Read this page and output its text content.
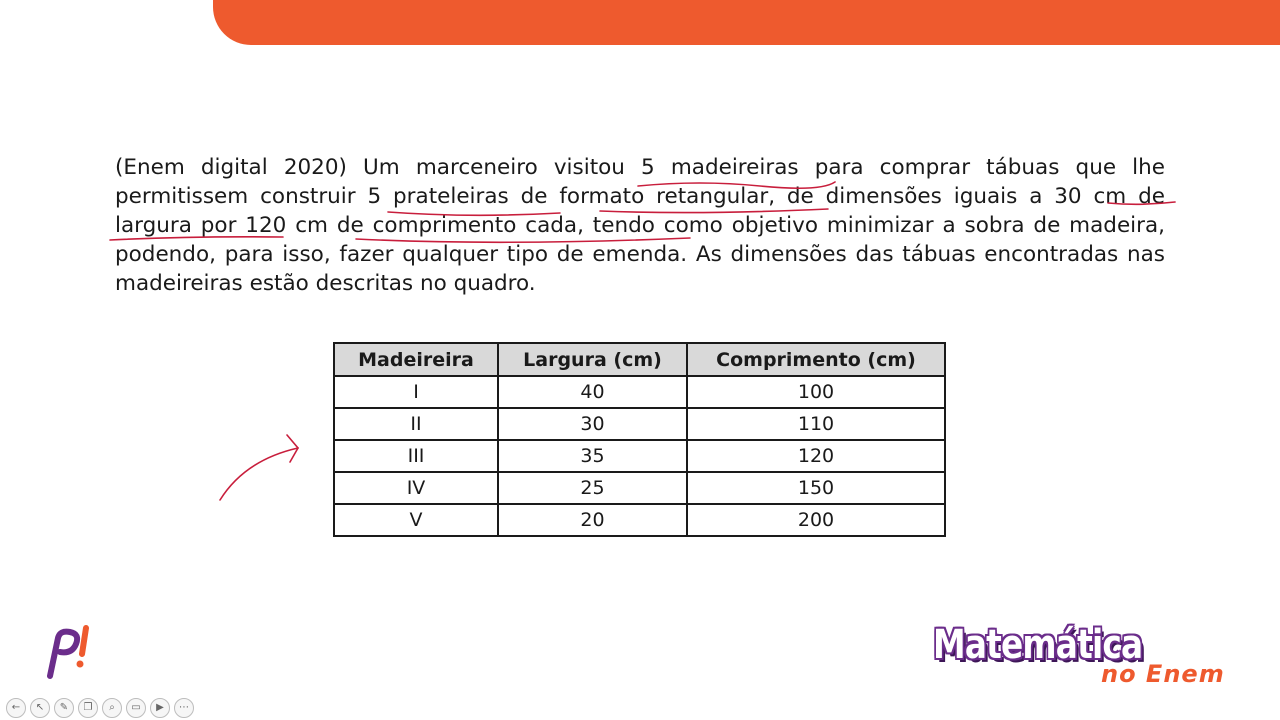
(Enem digital 2020) Um marceneiro visitou 5 madeireiras para comprar tábuas que lhe permitissem construir 5 prateleiras de formato retangular, de dimensões iguais a 30 cm de largura por 120 cm de comprimento cada, tendo como objetivo minimizar a sobra de madeira, podendo, para isso, fazer qualquer tipo de emenda. As dimensões das tábuas encontradas nas madeireiras estão descritas no quadro.

Madeireira	Largura (cm)	Comprimento (cm)
I	40	100
II	30	110
III	35	120
IV	25	150
V	20	200
Matemática
no Enem
←	↖	✎	❐	⌕	▭	▶	⋯
